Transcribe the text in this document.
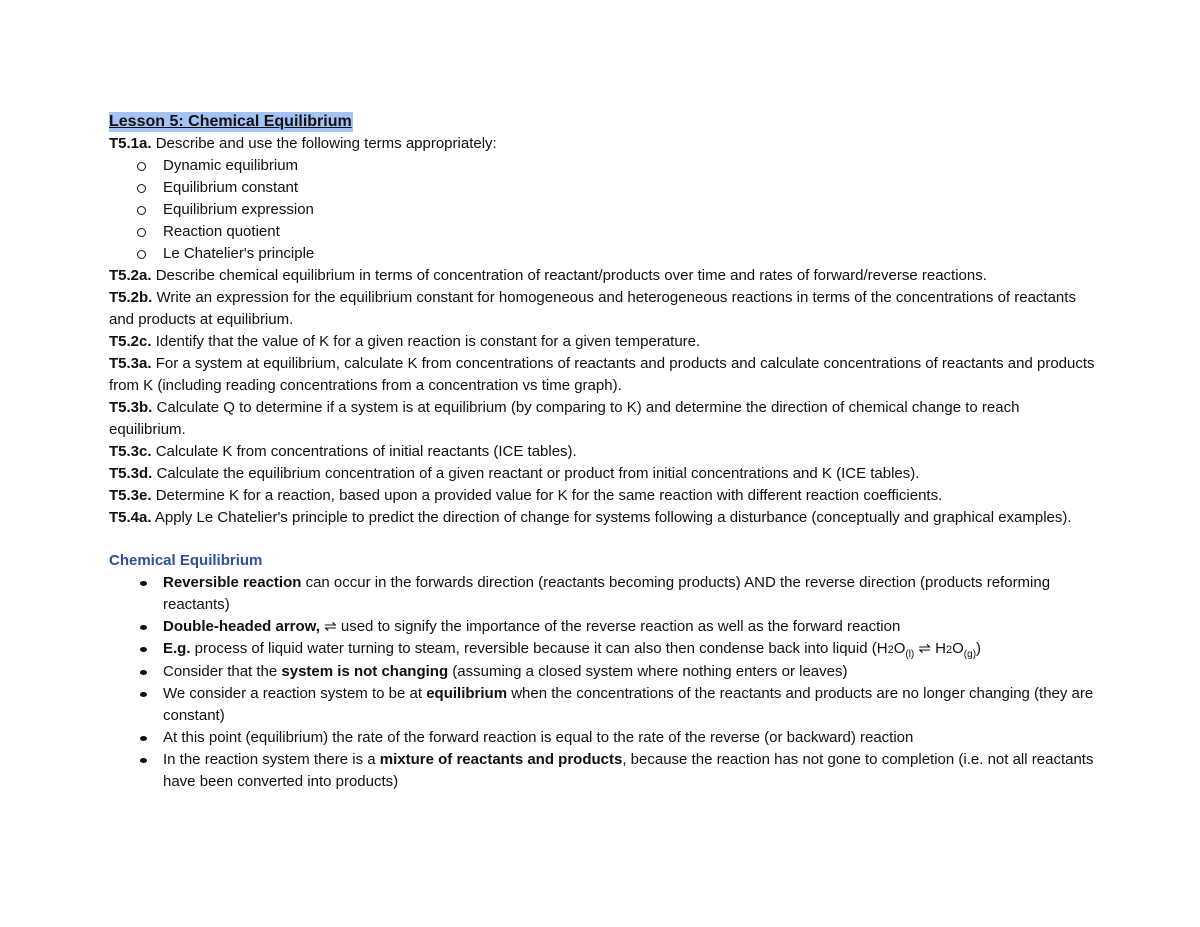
Lesson 5: Chemical Equilibrium
T5.1a. Describe and use the following terms appropriately:
Dynamic equilibrium
Equilibrium constant
Equilibrium expression
Reaction quotient
Le Chatelier's principle
T5.2a. Describe chemical equilibrium in terms of concentration of reactant/products over time and rates of forward/reverse reactions.
T5.2b. Write an expression for the equilibrium constant for homogeneous and heterogeneous reactions in terms of the concentrations of reactants and products at equilibrium.
T5.2c. Identify that the value of K for a given reaction is constant for a given temperature.
T5.3a. For a system at equilibrium, calculate K from concentrations of reactants and products and calculate concentrations of reactants and products from K (including reading concentrations from a concentration vs time graph).
T5.3b. Calculate Q to determine if a system is at equilibrium (by comparing to K) and determine the direction of chemical change to reach equilibrium.
T5.3c. Calculate K from concentrations of initial reactants (ICE tables).
T5.3d. Calculate the equilibrium concentration of a given reactant or product from initial concentrations and K (ICE tables).
T5.3e. Determine K for a reaction, based upon a provided value for K for the same reaction with different reaction coefficients.
T5.4a. Apply Le Chatelier's principle to predict the direction of change for systems following a disturbance (conceptually and graphical examples).
Chemical Equilibrium
Reversible reaction can occur in the forwards direction (reactants becoming products) AND the reverse direction (products reforming reactants)
Double-headed arrow, ⇌ used to signify the importance of the reverse reaction as well as the forward reaction
E.g. process of liquid water turning to steam, reversible because it can also then condense back into liquid ($H2O_{(l)}$ ⇌ $H2O_{(g)}$)
Consider that the system is not changing (assuming a closed system where nothing enters or leaves)
We consider a reaction system to be at equilibrium when the concentrations of the reactants and products are no longer changing (they are constant)
At this point (equilibrium) the rate of the forward reaction is equal to the rate of the reverse (or backward) reaction
In the reaction system there is a mixture of reactants and products, because the reaction has not gone to completion (i.e. not all reactants have been converted into products)
